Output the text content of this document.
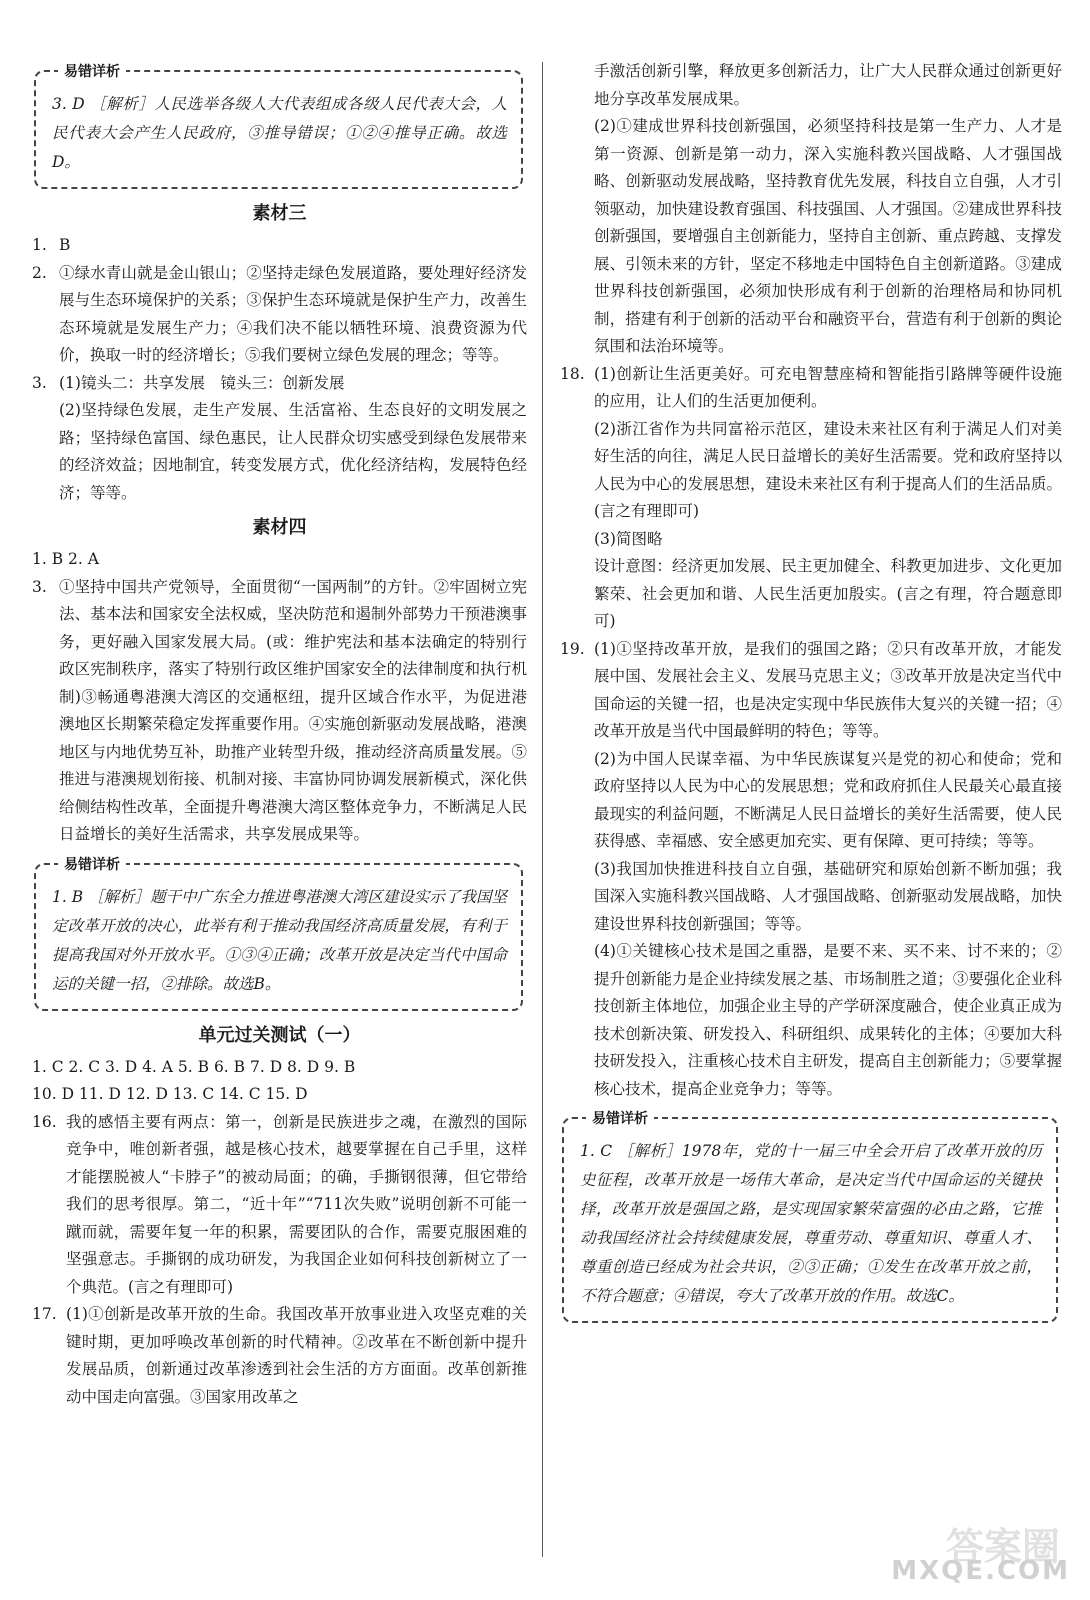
易错详析
3. D ［解析］人民选举各级人大代表组成各级人民代表大会，人民代表大会产生人民政府，③推导错误；①②④推导正确。故选D。
素材三
1. B
2. ①绿水青山就是金山银山；②坚持走绿色发展道路，要处理好经济发展与生态环境保护的关系；③保护生态环境就是保护生产力，改善生态环境就是发展生产力；④我们决不能以牺牲环境、浪费资源为代价，换取一时的经济增长；⑤我们要树立绿色发展的理念；等等。
3. (1)镜头二：共享发展　镜头三：创新发展
(2)坚持绿色发展，走生产发展、生活富裕、生态良好的文明发展之路；坚持绿色富国、绿色惠民，让人民群众切实感受到绿色发展带来的经济效益；因地制宜，转变发展方式，优化经济结构，发展特色经济；等等。
素材四
1. B 2. A
3. ①坚持中国共产党领导，全面贯彻“一国两制”的方针。②牢固树立宪法、基本法和国家安全法权威，坚决防范和遏制外部势力干预港澳事务，更好融入国家发展大局。(或：维护宪法和基本法确定的特别行政区宪制秩序，落实了特别行政区维护国家安全的法律制度和执行机制)③畅通粤港澳大湾区的交通枢纽，提升区域合作水平，为促进港澳地区长期繁荣稳定发挥重要作用。④实施创新驱动发展战略，港澳地区与内地优势互补，助推产业转型升级，推动经济高质量发展。⑤推进与港澳规划衔接、机制对接、丰富协同协调发展新模式，深化供给侧结构性改革，全面提升粤港澳大湾区整体竞争力，不断满足人民日益增长的美好生活需求，共享发展成果等。
易错详析
1. B ［解析］题干中广东全力推进粤港澳大湾区建设实示了我国坚定改革开放的决心，此举有利于推动我国经济高质量发展，有利于提高我国对外开放水平。①③④正确；改革开放是决定当代中国命运的关键一招，②排除。故选B。
单元过关测试（一）
1. C 2. C 3. D 4. A 5. B 6. B 7. D 8. D 9. B
10. D 11. D 12. D 13. C 14. C 15. D
16. 我的感悟主要有两点：第一，创新是民族进步之魂，在激烈的国际竞争中，唯创新者强，越是核心技术，越要掌握在自己手里，这样才能摆脱被人“卡脖子”的被动局面；的确，手撕钢很薄，但它带给我们的思考很厚。第二，“近十年”“711次失败”说明创新不可能一蹴而就，需要年复一年的积累，需要团队的合作，需要克服困难的坚强意志。手撕钢的成功研发，为我国企业如何科技创新树立了一个典范。(言之有理即可)
17. (1)①创新是改革开放的生命。我国改革开放事业进入攻坚克难的关键时期，更加呼唤改革创新的时代精神。②改革在不断创新中提升发展品质，创新通过改革渗透到社会生活的方方面面。改革创新推动中国走向富强。③国家用改革之
手激活创新引擎，释放更多创新活力，让广大人民群众通过创新更好地分享改革发展成果。
(2)①建成世界科技创新强国，必须坚持科技是第一生产力、人才是第一资源、创新是第一动力，深入实施科教兴国战略、人才强国战略、创新驱动发展战略，坚持教育优先发展，科技自立自强，人才引领驱动，加快建设教育强国、科技强国、人才强国。②建成世界科技创新强国，要增强自主创新能力，坚持自主创新、重点跨越、支撑发展、引领未来的方针，坚定不移地走中国特色自主创新道路。③建成世界科技创新强国，必须加快形成有利于创新的治理格局和协同机制，搭建有利于创新的活动平台和融资平台，营造有利于创新的舆论氛围和法治环境等。
18. (1)创新让生活更美好。可充电智慧座椅和智能指引路牌等硬件设施的应用，让人们的生活更加便利。
(2)浙江省作为共同富裕示范区，建设未来社区有利于满足人们对美好生活的向往，满足人民日益增长的美好生活需要。党和政府坚持以人民为中心的发展思想，建设未来社区有利于提高人们的生活品质。(言之有理即可)
(3)简图略
设计意图：经济更加发展、民主更加健全、科教更加进步、文化更加繁荣、社会更加和谐、人民生活更加殷实。(言之有理，符合题意即可)
19. (1)①坚持改革开放，是我们的强国之路；②只有改革开放，才能发展中国、发展社会主义、发展马克思主义；③改革开放是决定当代中国命运的关键一招，也是决定实现中华民族伟大复兴的关键一招；④改革开放是当代中国最鲜明的特色；等等。
(2)为中国人民谋幸福、为中华民族谋复兴是党的初心和使命；党和政府坚持以人民为中心的发展思想；党和政府抓住人民最关心最直接最现实的利益问题，不断满足人民日益增长的美好生活需要，使人民获得感、幸福感、安全感更加充实、更有保障、更可持续；等等。
(3)我国加快推进科技自立自强，基础研究和原始创新不断加强；我国深入实施科教兴国战略、人才强国战略、创新驱动发展战略，加快建设世界科技创新强国；等等。
(4)①关键核心技术是国之重器，是要不来、买不来、讨不来的；②提升创新能力是企业持续发展之基、市场制胜之道；③要强化企业科技创新主体地位，加强企业主导的产学研深度融合，使企业真正成为技术创新决策、研发投入、科研组织、成果转化的主体；④要加大科技研发投入，注重核心技术自主研发，提高自主创新能力；⑤要掌握核心技术，提高企业竞争力；等等。
易错详析
1. C ［解析］1978年，党的十一届三中全会开启了改革开放的历史征程，改革开放是一场伟大革命，是决定当代中国命运的关键抉择，改革开放是强国之路，是实现国家繁荣富强的必由之路，它推动我国经济社会持续健康发展，尊重劳动、尊重知识、尊重人才、尊重创造已经成为社会共识，②③正确；①发生在改革开放之前，不符合题意；④错误，夸大了改革开放的作用。故选C。
答案圈
MXQE.COM
